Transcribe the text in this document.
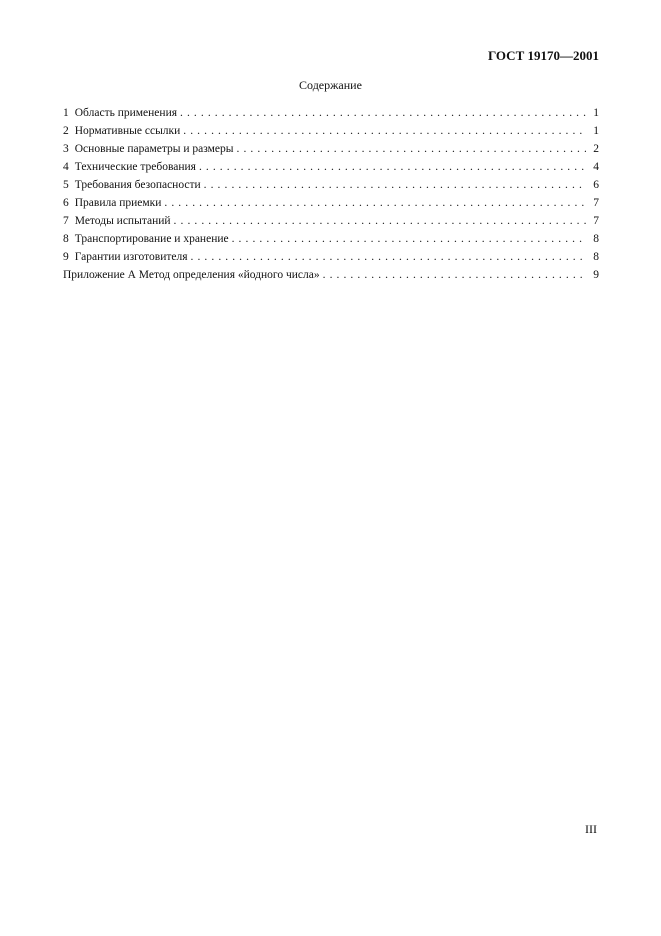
ГОСТ 19170—2001
Содержание
1 Область применения . . .	1
2 Нормативные ссылки . . .	1
3 Основные параметры и размеры . . .	2
4 Технические требования . . .	4
5 Требования безопасности . . .	6
6 Правила приемки . . .	7
7 Методы испытаний . . .	7
8 Транспортирование и хранение . . .	8
9 Гарантии изготовителя . . .	8
Приложение А Метод определения «йодного числа» . . .	9
III
